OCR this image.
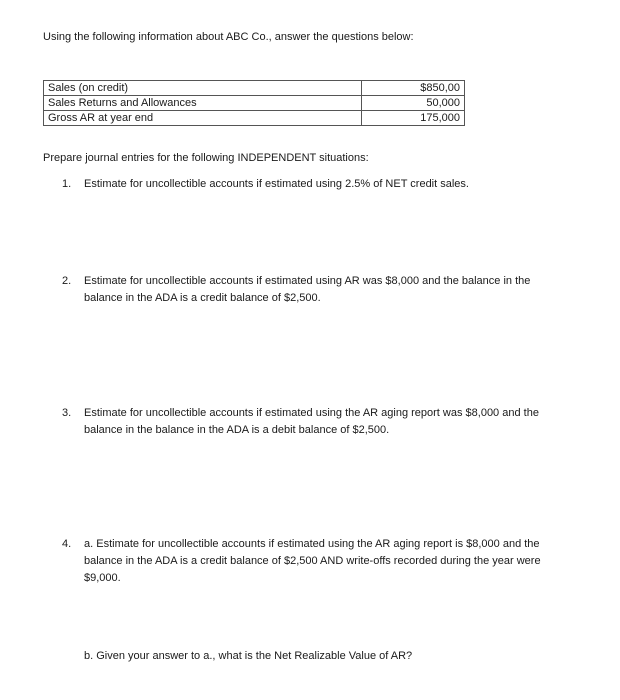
Using the following information about ABC Co., answer the questions below:
Sales (on credit)	$850,00
Sales Returns and Allowances	50,000
Gross AR at year end	175,000
Prepare journal entries for the following INDEPENDENT situations:
1.	Estimate for uncollectible accounts if estimated using 2.5% of NET credit sales.
2.	Estimate for uncollectible accounts if estimated using AR was $8,000 and the balance in the balance in the ADA is a credit balance of $2,500.
3.	Estimate for uncollectible accounts if estimated using the AR aging report was $8,000 and the balance in the balance in the ADA is a debit balance of $2,500.
4.	a. Estimate for uncollectible accounts if estimated using the AR aging report is $8,000 and the balance in the ADA is a credit balance of $2,500 AND write-offs recorded during the year were $9,000.
b. Given your answer to a., what is the Net Realizable Value of AR?
